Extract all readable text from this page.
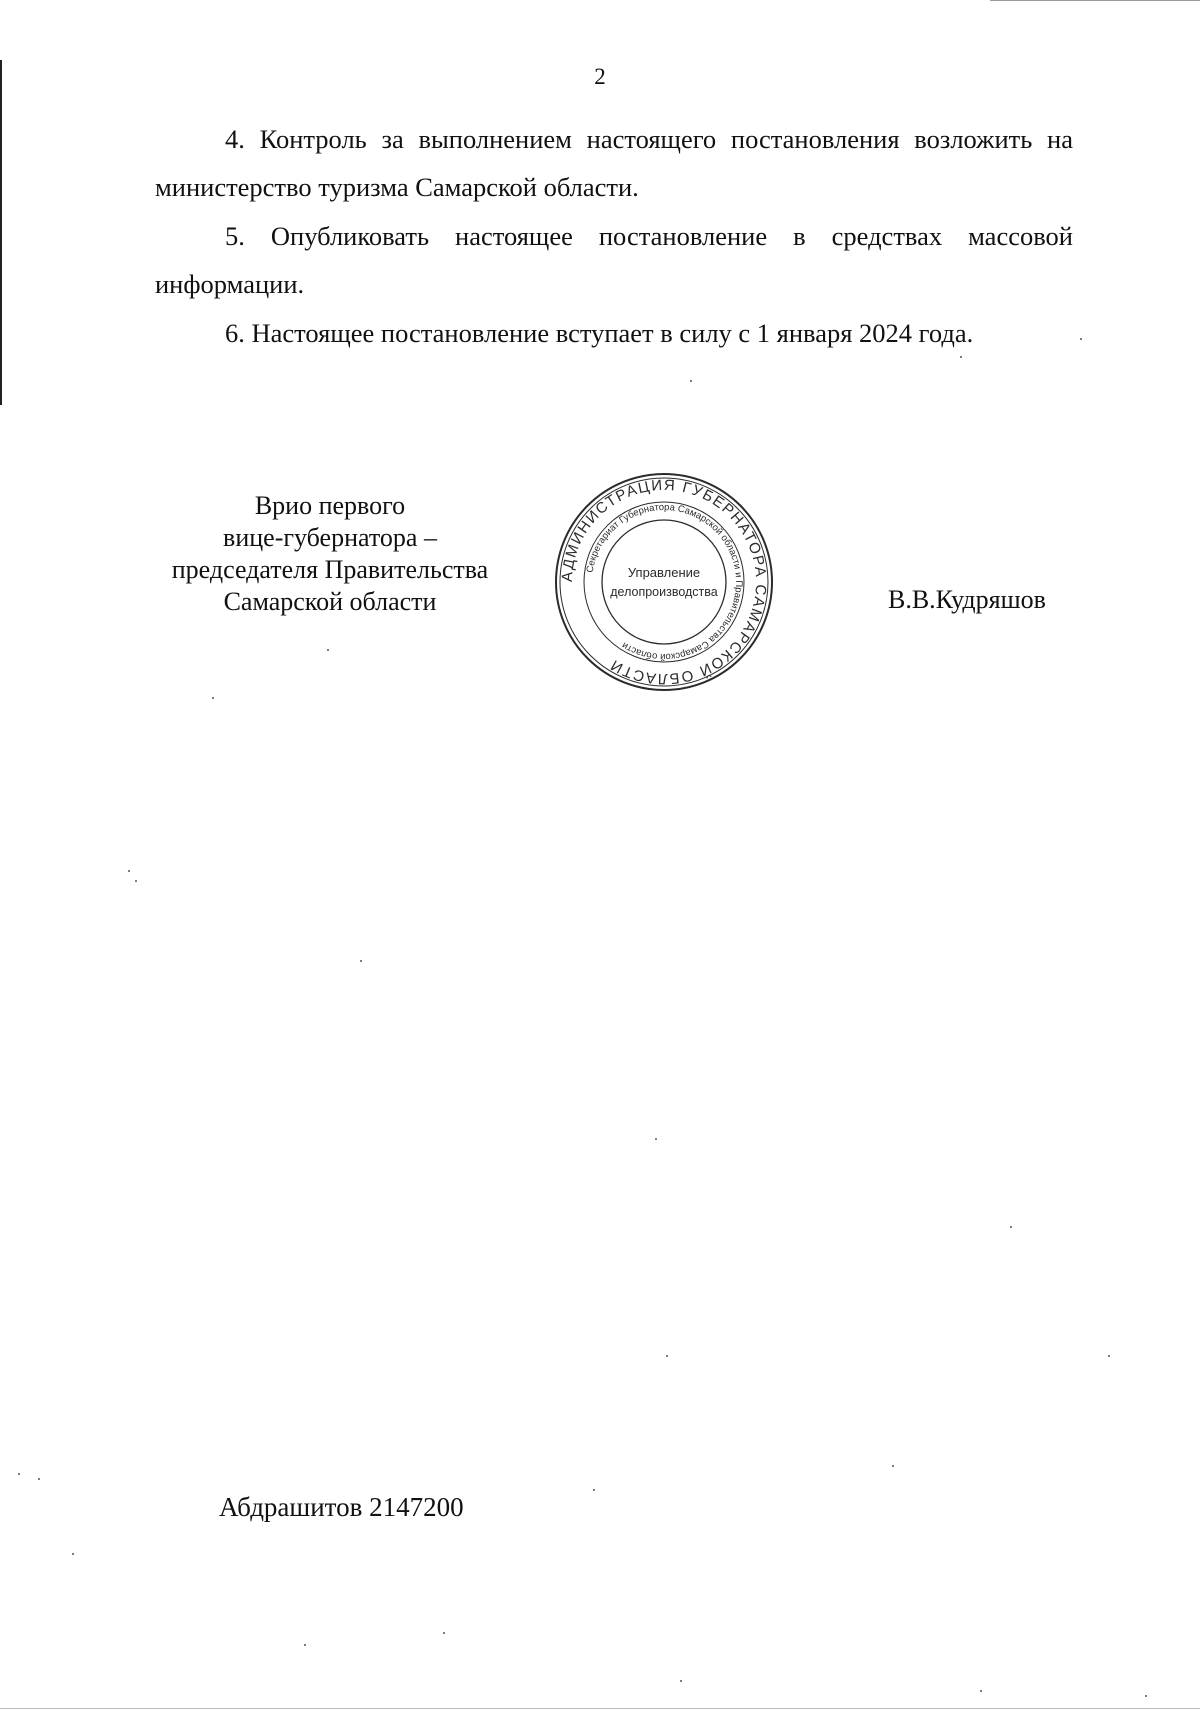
2
4. Контроль за выполнением настоящего постановления возложить на министерство туризма Самарской области.
5. Опубликовать настоящее постановление в средствах массовой информации.
6. Настоящее постановление вступает в силу с 1 января 2024 года.
Врио первого
вице-губернатора –
председателя Правительства
Самарской области
АДМИНИСТРАЦИЯ ГУБЕРНАТОРА САМАРСКОЙ ОБЛАСТИ
Секретариат Губернатора Самарской области и Правительства Самарской области
Управление
делопроизводства	В.В.Кудряшов
Абдрашитов 2147200
